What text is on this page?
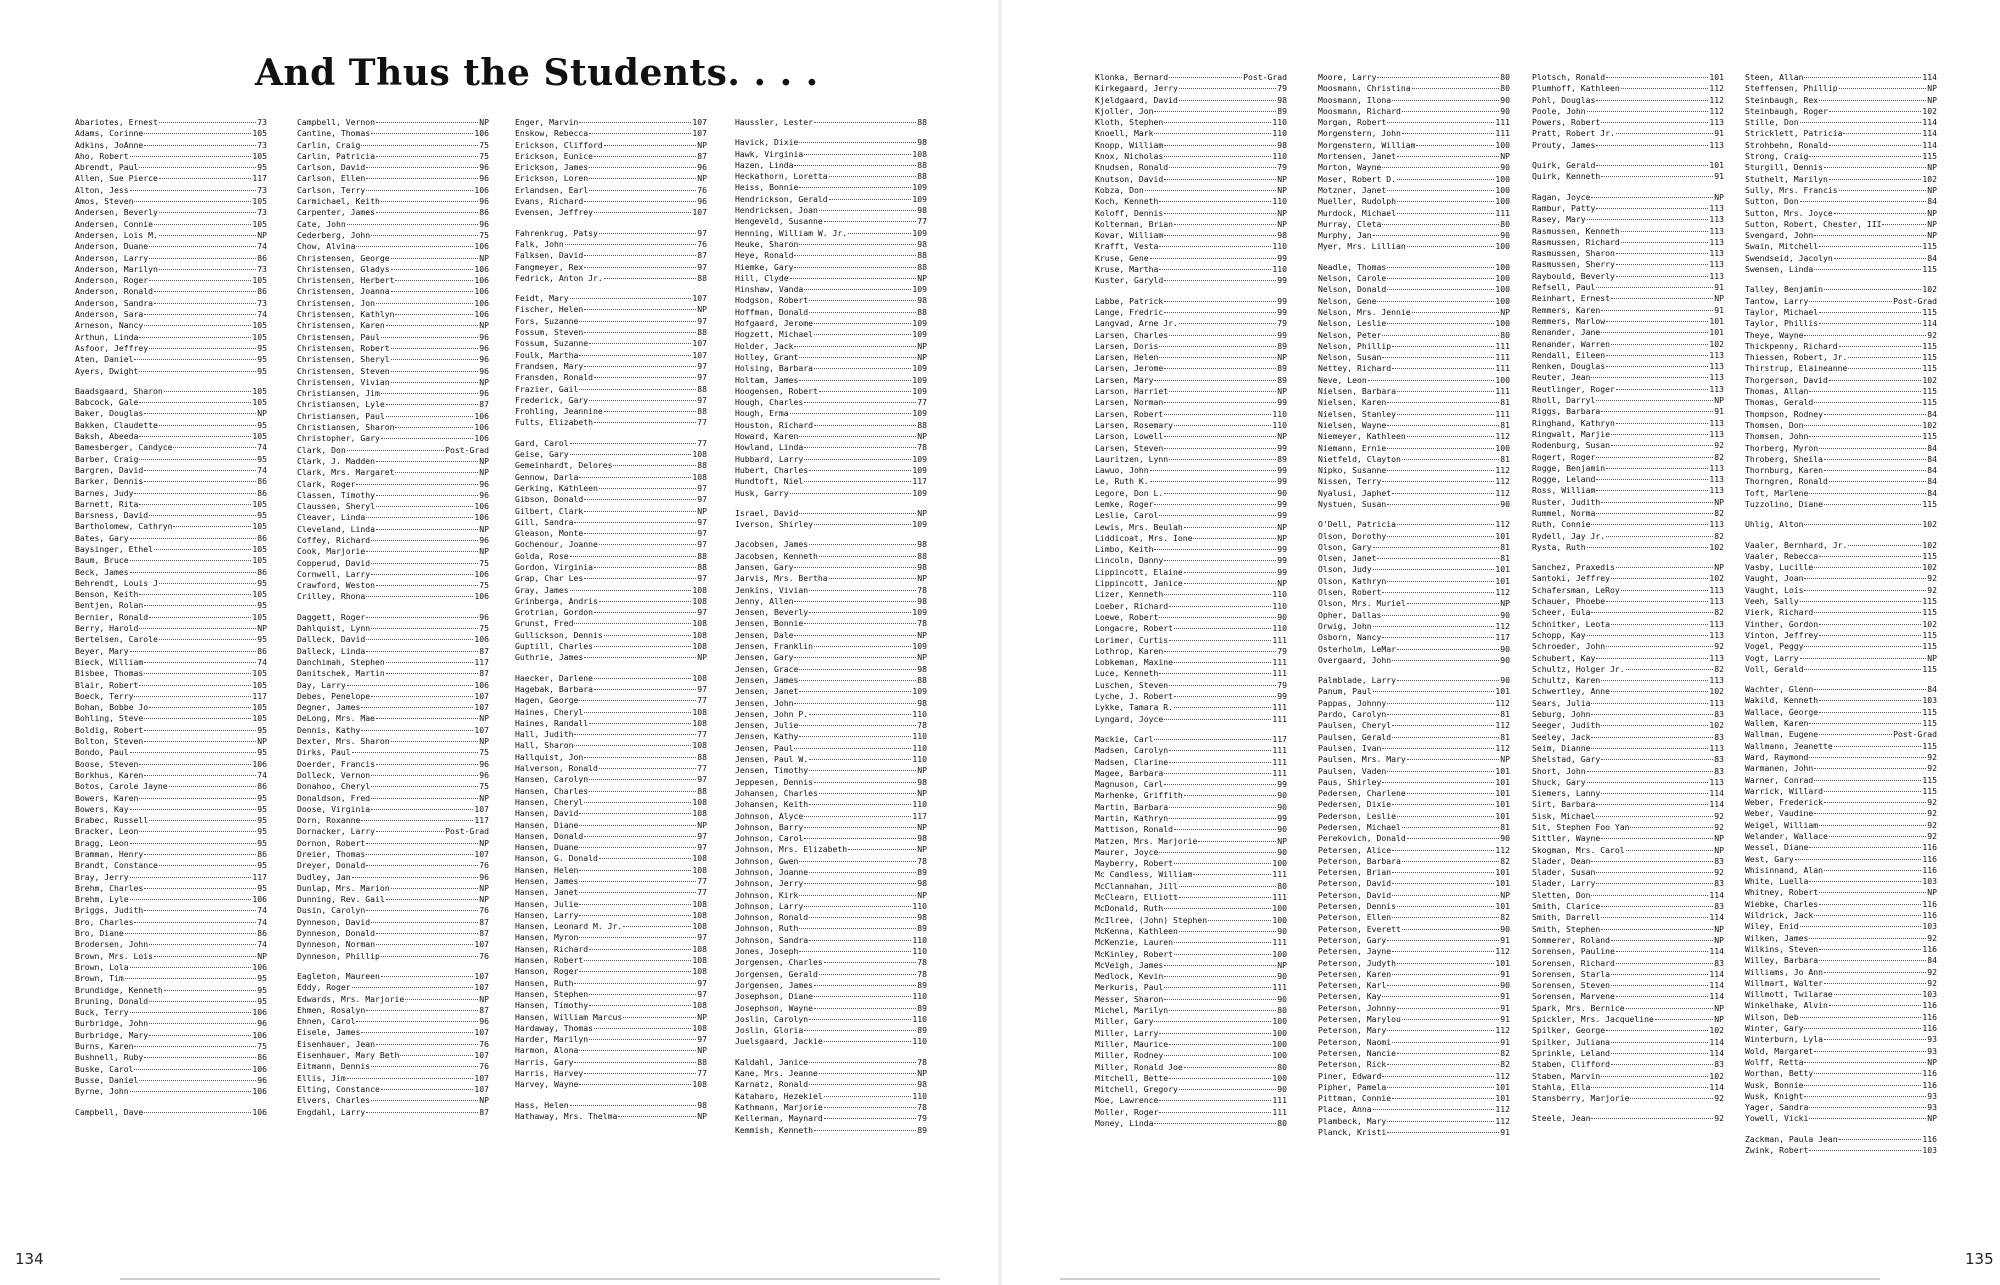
And Thus the Students. . . .
Abariotes, Ernest	73
Adams, Corinne	105
Adkins, JoAnne	73
Aho, Robert	105
Abrendt, Paul	95
Allen, Sue Pierce	117
Alton, Jess	73
Amos, Steven	105
Andersen, Beverly	73
Andersen, Connie	105
Andersen, Lois M.	NP
Anderson, Duane	74
Anderson, Larry	86
Anderson, Marilyn	73
Anderson, Roger	105
Anderson, Ronald	86
Anderson, Sandra	73
Anderson, Sara	74
Arneson, Nancy	105
Arthun, Linda	105
Asfoor, Jeffrey	95
Aten, Daniel	95
Ayers, Dwight	95
Baadsgaard, Sharon	105
Babcock, Gale	105
Baker, Douglas	NP
Bakken, Claudette	95
Baksh, Abeeda	105
Bamesberger, Candyce	74
Barber, Craig	95
Bargren, David	74
Barker, Dennis	86
Barnes, Judy	86
Barnett, Rita	105
Barsness, David	95
Bartholomew, Cathryn	105
Bates, Gary	86
Baysinger, Ethel	105
Baum, Bruce	105
Beck, James	86
Behrendt, Louis J	95
Benson, Keith	105
Bentjen, Rolan	95
Bernier, Ronald	105
Berry, Harold	NP
Bertelsen, Carole	95
Beyer, Mary	86
Bieck, William	74
Bisbee, Thomas	105
Blair, Robert	105
Boeck, Terry	117
Bohan, Bobbe Jo	105
Bohling, Steve	105
Boldig, Robert	95
Bolton, Steven	NP
Bondo, Paul	95
Boose, Steven	106
Borkhus, Karen	74
Botos, Carole Jayne	86
Bowers, Karen	95
Bowers, Kay	95
Brabec, Russell	95
Bracker, Leon	95
Bragg, Leon	95
Bramman, Henry	86
Brandt, Constance	95
Bray, Jerry	117
Brehm, Charles	95
Brehm, Lyle	106
Briggs, Judith	74
Bro, Charles	74
Bro, Diane	86
Brodersen, John	74
Brown, Mrs. Lois	NP
Brown, Lola	106
Brown, Tim	95
Brundidge, Kenneth	95
Bruning, Donald	95
Buck, Terry	106
Burbridge, John	96
Burbridge, Mary	106
Burns, Karen	75
Bushnell, Ruby	86
Buske, Carol	106
Busse, Daniel	96
Byrne, John	106
Campbell, Dave	106
Campbell, Vernon	NP
Cantine, Thomas	106
Carlin, Craig	75
Carlin, Patricia	75
Carlson, David	96
Carlson, Ellen	96
Carlson, Terry	106
Carmichael, Keith	96
Carpenter, James	86
Cate, John	96
Cederberg, John	75
Chow, Alvina	106
Christensen, George	NP
Christensen, Gladys	106
Christensen, Herbert	106
Christensen, Joanna	106
Christensen, Jon	106
Christensen, Kathlyn	106
Christensen, Karen	NP
Christensen, Paul	96
Christensen, Robert	96
Christensen, Sheryl	96
Christensen, Steven	96
Christensen, Vivian	NP
Christiansen, Jim	96
Christiansen, Lyle	87
Christiansen, Paul	106
Christiansen, Sharon	106
Christopher, Gary	106
Clark, Don	Post-Grad
Clark, J. Madden	NP
Clark, Mrs. Margaret	NP
Clark, Roger	96
Classen, Timothy	96
Claussen, Sheryl	106
Cleaver, Linda	106
Cleveland, Linda	NP
Coffey, Richard	96
Cook, Marjorie	NP
Copperud, David	75
Cornwell, Larry	106
Crawford, Weston	75
Crilley, Rhona	106
Daggett, Roger	96
Dahlquist, Lynn	75
Dalleck, David	106
Dalleck, Linda	87
Danchimah, Stephen	117
Danitschek, Martin	87
Day, Larry	106
Debes, Penelope	107
Degner, James	107
DeLong, Mrs. Mae	NP
Dennis, Kathy	107
Dexter, Mrs. Sharon	NP
Dirks, Paul	75
Doerder, Francis	96
Dolleck, Vernon	96
Donahoo, Cheryl	75
Donaldson, Fred	NP
Doose, Virginia	107
Dorn, Roxanne	117
Dornacker, Larry	Post-Grad
Dornon, Robert	NP
Dreier, Thomas	107
Dreyer, Donald	76
Dudley, Jan	96
Dunlap, Mrs. Marion	NP
Dunning, Rev. Gail	NP
Dusin, Carolyn	76
Dynneson, David	87
Dynneson, Donald	87
Dynneson, Norman	107
Dynneson, Phillip	76
Eagleton, Maureen	107
Eddy, Roger	107
Edwards, Mrs. Marjorie	NP
Ehmen, Rosalyn	87
Ehnen, Carol	96
Eisele, James	107
Eisenhauer, Jean	76
Eisenhauer, Mary Beth	107
Eitmann, Dennis	76
Ellis, Jim	107
Elting, Constance	107
Elvers, Charles	NP
Engdahl, Larry	87
Enger, Marvin	107
Enskow, Rebecca	107
Erickson, Clifford	NP
Erickson, Eunice	87
Erickson, James	96
Erickson, Loren	NP
Erlandsen, Earl	76
Evans, Richard	96
Evensen, Jeffrey	107
Fahrenkrug, Patsy	97
Falk, John	76
Falksen, David	87
Fangmeyer, Rex	97
Fedrick, Anton Jr.	88
Feidt, Mary	107
Fischer, Helen	NP
Fors, Suzanne	97
Fossum, Steven	88
Fossum, Suzanne	107
Foulk, Martha	107
Frandsen, Mary	97
Fransden, Ronald	97
Frazier, Gail	88
Frederick, Gary	97
Frohling, Jeannine	88
Fults, Elizabeth	77
Gard, Carol	77
Geise, Gary	108
Gemeinhardt, Delores	88
Gennow, Darla	108
Gerking, Kathleen	97
Gibson, Donald	97
Gilbert, Clark	NP
Gill, Sandra	97
Gleason, Monte	97
Gochenour, Joanne	97
Golda, Rose	88
Gordon, Virginia	88
Grap, Char Les	97
Gray, James	108
Grinberga, Andris	108
Grotrian, Gordon	97
Grunst, Fred	108
Gullickson, Dennis	108
Guptill, Charles	108
Guthrie, James	NP
Haecker, Darlene	108
Hagebak, Barbara	97
Hagen, George	77
Haines, Cheryl	108
Haines, Randall	108
Hall, Judith	77
Hall, Sharon	108
Hallquist, Jon	88
Halverson, Ronald	77
Hansen, Carolyn	97
Hansen, Charles	88
Hansen, Cheryl	108
Hansen, David	108
Hansen, Diane	NP
Hansen, Donald	97
Hansen, Duane	97
Hanson, G. Donald	108
Hansen, Helen	108
Hensen, James	77
Hansen, Janet	77
Hansen, Julie	108
Hansen, Larry	108
Hansen, Leonard M. Jr.	108
Hansen, Myron	97
Hansen, Richard	108
Hansen, Robert	108
Hanson, Roger	108
Hansen, Ruth	97
Hansen, Stephen	97
Hansen, Timothy	108
Hansen, William Marcus	NP
Hardaway, Thomas	108
Harder, Marilyn	97
Harmon, Alona	NP
Harris, Gary	88
Harris, Harvey	77
Harvey, Wayne	108
Hass, Helen	98
Hathaway, Mrs. Thelma	NP
Haussler, Lester	88
Havick, Dixie	98
Hawk, Virginia	108
Hazen, Linda	88
Heckathorn, Loretta	88
Heiss, Bonnie	109
Hendrickson, Gerald	109
Hendricksen, Joan	98
Hengeveld, Susanne	77
Henning, William W. Jr.	109
Heuke, Sharon	98
Heye, Ronald	88
Hiemke, Gary	88
Hill, Clyde	NP
Hinshaw, Vanda	109
Hodgson, Robert	98
Hoffman, Donald	88
Hofgaard, Jerome	109
Hogzett, Michael	109
Holder, Jack	NP
Holley, Grant	NP
Holsing, Barbara	109
Holtam, James	109
Hoogensen, Robert	109
Hough, Charles	77
Hough, Erma	109
Houston, Richard	88
Howard, Karen	NP
Howland, Linda	78
Hubbard, Larry	109
Hubert, Charles	109
Hundtoft, Niel	117
Husk, Garry	109
Israel, David	NP
Iverson, Shirley	109
Jacobsen, James	98
Jacobsen, Kenneth	88
Jansen, Gary	98
Jarvis, Mrs. Bertha	NP
Jenkins, Vivian	78
Jenny, Allen	98
Jensen, Beverly	109
Jensen, Bonnie	78
Jensen, Dale	NP
Jensen, Franklin	109
Jensen, Gary	NP
Jensen, Grace	98
Jensen, James	88
Jensen, Janet	109
Jensen, John	98
Jensen, John P.	110
Jensen, Julie	78
Jensen, Kathy	110
Jensen, Paul	110
Jensen, Paul W.	110
Jensen, Timothy	NP
Jeppesen, Dennis	98
Johansen, Charles	NP
Johansen, Keith	110
Johnson, Alyce	117
Johnson, Barry	NP
Johnson, Carol	98
Johnson, Mrs. Elizabeth	NP
Johnson, Gwen	78
Johnson, Joanne	89
Johnson, Jerry	98
Johnson, Kirk	NP
Johnson, Larry	110
Johnson, Ronald	98
Johnson, Ruth	89
Johnson, Sandra	110
Jones, Joseph	110
Jorgensen, Charles	78
Jorgensen, Gerald	78
Jorgensen, James	89
Josephson, Diane	110
Josephson, Wayne	89
Joslin, Carolyn	110
Joslin, Gloria	89
Juelsgaard, Jackie	110
Kaldahl, Janice	78
Kane, Mrs. Jeanne	NP
Karnatz, Ronald	98
Kataharo, Hezekiel	110
Kathmann, Marjorie	78
Kellerman, Maynard	79
Kemmish, Kenneth	89
Klonka, Bernard	Post-Grad
Kirkegaard, Jerry	79
Kjeldgaard, David	98
Kjoller, Jon	89
Kloth, Stephen	110
Knoell, Mark	110
Knopp, William	98
Knox, Nicholas	110
Knudsen, Ronald	79
Knutson, David	NP
Kobza, Don	NP
Koch, Kenneth	110
Koloff, Dennis	NP
Kolterman, Brian	NP
Kovar, William	98
Krafft, Vesta	110
Kruse, Gene	99
Kruse, Martha	110
Kuster, Garyld	99
Labbe, Patrick	99
Lange, Fredric	99
Langvad, Arne Jr.	79
Larsen, Charles	99
Larsen, Doris	89
Larsen, Helen	NP
Larsen, Jerome	89
Larsen, Mary	89
Larson, Harriet	NP
Larsen, Norman	99
Larsen, Robert	110
Larsen, Rosemary	110
Larson, Lowell	NP
Larsen, Steven	99
Lauritzen, Lynn	89
Lawuo, John	99
Le, Ruth K.	99
Legore, Don L.	90
Lemke, Roger	99
Leslie, Carol	99
Lewis, Mrs. Beulah	NP
Liddicoat, Mrs. Ione	NP
Limbo, Keith	99
Lincoln, Danny	99
Lippincott, Elaine	99
Lippincott, Janice	NP
Lizer, Kenneth	110
Loeber, Richard	110
Loewe, Robert	90
Longacre, Robert	110
Lorimer, Curtis	111
Lothrop, Karen	79
Lobkeman, Maxine	111
Luce, Kenneth	111
Luschen, Steven	79
Lyche, J. Robert	99
Lykke, Tamara R.	111
Lyngard, Joyce	111
Mackie, Carl	117
Madsen, Carolyn	111
Madsen, Clarine	111
Magee, Barbara	111
Magnuson, Carl	99
Marhenke, Griffith	90
Martin, Barbara	90
Martin, Kathryn	99
Mattison, Ronald	90
Matzen, Mrs. Marjorie	NP
Maurer, Joyce	90
Mayberry, Robert	100
Mc Candless, William	111
McClannahan, Jill	80
McClearn, Elliott	111
McDonald, Ruth	100
McIlree, (John) Stephen	100
McKenna, Kathleen	90
McKenzie, Lauren	111
McKinley, Robert	100
McVeigh, James	NP
Medlock, Kevin	90
Merkuris, Paul	111
Messer, Sharon	90
Michel, Marilyn	80
Miller, Gary	100
Miller, Larry	100
Miller, Maurice	100
Miller, Rodney	100
Miller, Ronald Joe	80
Mitchell, Bette	100
Mitchell, Gregory	90
Moe, Lawrence	111
Moller, Roger	111
Money, Linda	80
Moore, Larry	80
Moosmann, Christina	80
Moosmann, Ilona	90
Moosmann, Richard	90
Morgan, Robert	111
Morgenstern, John	111
Morgenstern, William	100
Mortensen, Janet	NP
Morton, Wayne	90
Moser, Robert D.	100
Motzner, Janet	100
Mueller, Rudolph	100
Murdock, Michael	111
Murray, Cleta	80
Murphy, Jan	90
Myer, Mrs. Lillian	100
Neadle, Thomas	100
Nelson, Carole	100
Nelson, Donald	100
Nelson, Gene	100
Nelson, Mrs. Jennie	NP
Nelson, Leslie	100
Nelson, Peter	80
Nelson, Phillip	111
Nelson, Susan	111
Nettey, Richard	111
Neve, Leon	100
Nielsen, Barbara	111
Nielsen, Karen	81
Nielsen, Stanley	111
Nielsen, Wayne	81
Niemeyer, Kathleen	112
Niemann, Ernie	100
Nietfeld, Clayton	81
Nipko, Susanne	112
Nissen, Terry	112
Nyalusi, Japhet	112
Nystuen, Susan	90
O'Dell, Patricia	112
Olson, Dorothy	101
Olson, Gary	81
Olsen, Janet	81
Olson, Judy	101
Olson, Kathryn	101
Olsen, Robert	112
Olson, Mrs. Muriel	NP
Opher, Dallas	90
Orwig, John	112
Osborn, Nancy	117
Osterholm, LeMar	90
Overgaard, John	90
Palmblade, Larry	90
Panum, Paul	101
Pappas, Johnny	112
Pardo, Carolyn	81
Paulsen, Cheryl	112
Paulsen, Gerald	81
Paulsen, Ivan	112
Paulsen, Mrs. Mary	NP
Paulsen, Vaden	101
Paus, Shirley	101
Pedersen, Charlene	101
Pedersen, Dixie	101
Pederson, Leslie	101
Pedersen, Michael	81
Perekovich, Donald	90
Petersen, Alice	112
Peterson, Barbara	82
Petersen, Brian	101
Peterson, David	101
Peterson, David	NP
Petersen, Dennis	101
Peterson, Ellen	82
Peterson, Everett	90
Peterson, Gary	91
Petersen, Jayne	112
Peterson, Judyth	101
Petersen, Karen	91
Petersen, Karl	90
Petersen, Kay	91
Peterson, Johnny	91
Petersen, Marylou	91
Peterson, Mary	112
Peterson, Naomi	91
Petersen, Nancie	82
Peterson, Rick	82
Piner, Edward	112
Pipher, Pamela	101
Pittman, Connie	101
Place, Anna	112
Plambeck, Mary	112
Planck, Kristi	91
Plotsch, Ronald	101
Plumhoff, Kathleen	112
Pohl, Douglas	112
Poole, John	112
Powers, Robert	113
Pratt, Robert Jr.	91
Prouty, James	113
Quirk, Gerald	101
Quirk, Kenneth	91
Ragan, Joyce	NP
Rambur, Patty	113
Rasey, Mary	113
Rasmussen, Kenneth	113
Rasmussen, Richard	113
Rasmussen, Sharon	113
Rasmussen, Sherry	113
Raybould, Beverly	113
Refsell, Paul	91
Reinhart, Ernest	NP
Remmers, Karen	91
Remmers, Marlow	101
Renander, Jane	101
Renander, Warren	102
Rendall, Eileen	113
Renken, Douglas	113
Reuter, Jean	113
Reutlinger, Roger	113
Rholl, Darryl	NP
Riggs, Barbara	91
Ringhand, Kathryn	113
Ringwalt, Marjie	113
Rodenburg, Susan	92
Rogert, Roger	82
Rogge, Benjamin	113
Rogge, Leland	113
Ross, William	113
Ruster, Judith	NP
Rummel, Norma	82
Ruth, Connie	113
Rydell, Jay Jr.	82
Rysta, Ruth	102
Sanchez, Praxedis	NP
Santoki, Jeffrey	102
Schafersman, LeRoy	113
Schauer, Phoebe	113
Scheer, Eula	82
Schnitker, Leota	113
Schopp, Kay	113
Schroeder, John	92
Schubert, Kay	113
Schultz, Holger Jr.	82
Schultz, Karen	113
Schwertley, Anne	102
Sears, Julia	113
Seburg, John	83
Seeger, Judith	102
Seeley, Jack	83
Seim, Dianne	113
Shelstad, Gary	83
Short, John	83
Shuck, Gary	113
Siemers, Lanny	114
Sirt, Barbara	114
Sisk, Michael	92
Sit, Stephen Foo Yan	92
Sittler, Wayne	NP
Skogman, Mrs. Carol	NP
Slader, Dean	83
Slader, Susan	92
Slader, Larry	83
Sletten, Don	114
Smith, Clarice	83
Smith, Darrell	114
Smith, Stephen	NP
Sommerer, Roland	NP
Sorensen, Pauline	114
Sorensen, Richard	83
Sorensen, Starla	114
Sorensen, Steven	114
Sorensen, Marvene	114
Spark, Mrs. Bernice	NP
Spickler, Mrs. Jacqueline	NP
Spilker, George	102
Spilker, Juliana	114
Sprinkle, Leland	114
Staben, Clifford	83
Staben, Marvin	102
Stahla, Ella	114
Stansberry, Marjorie	92
Steele, Jean	92
Steen, Allan	114
Steffensen, Phillip	NP
Steinbaugh, Rex	NP
Steinbaugh, Roger	102
Stille, Don	114
Stricklett, Patricia	114
Strohbehn, Ronald	114
Strong, Craig	115
Sturgill, Dennis	NP
Stuthelt, Marilyn	102
Sully, Mrs. Francis	NP
Sutton, Don	84
Sutton, Mrs. Joyce	NP
Sutton, Robert, Chester, III	NP
Svengard, John	NP
Swain, Mitchell	115
Swendseid, Jacolyn	84
Swensen, Linda	115
Talley, Benjamin	102
Tantow, Larry	Post-Grad
Taylor, Michael	115
Taylor, Phillis	114
Theye, Wayne	92
Thickpenny, Richard	115
Thiessen, Robert, Jr.	115
Thirstrup, Elaineanne	115
Thorgerson, David	102
Thomas, Allan	115
Thomas, Gerald	115
Thompson, Rodney	84
Thomsen, Don	102
Thomsen, John	115
Thorberg, Myron	84
Throberg, Sheila	84
Thornburg, Karen	84
Thorngren, Ronald	84
Toft, Marlene	84
Tuzzolino, Diane	115
Uhlig, Alton	102
Vaaler, Bernhard, Jr.	102
Vaaler, Rebecca	115
Vasby, Lucille	102
Vaught, Joan	92
Vaught, Lois	92
Veeh, Sally	115
Vierk, Richard	115
Vinther, Gordon	102
Vinton, Jeffrey	115
Vogel, Peggy	115
Vogt, Larry	NP
Voll, Gerald	115
Wachter, Glenn	84
Wakild, Kenneth	103
Wallace, George	115
Wallem, Karen	115
Wallman, Eugene	Post-Grad
Wallmann, Jeanette	115
Ward, Raymond	92
Warmanen, John	92
Warner, Conrad	115
Warrick, Willard	115
Weber, Frederick	92
Weber, Vaudine	92
Weigel, William	92
Welander, Wallace	92
Wessel, Diane	116
West, Gary	116
Whisinnand, Alan	116
White, Luella	103
Whitney, Robert	NP
Wiebke, Charles	116
Wildrick, Jack	116
Wiley, Enid	103
Wilken, James	92
Wilkins, Steven	116
Willey, Barbara	84
Williams, Jo Ann	92
Willmart, Walter	92
Willmott, Twilarae	103
Winkelhake, Alvin	116
Wilson, Deb	116
Winter, Gary	116
Winterburn, Lyla	93
Wold, Margaret	93
Wolff, Retta	NP
Worthan, Betty	116
Wusk, Bonnie	116
Wusk, Knight	93
Yager, Sandra	93
Yowell, Vicki	NP
Zackman, Paula Jean	116
Zwink, Robert	103
134	135
